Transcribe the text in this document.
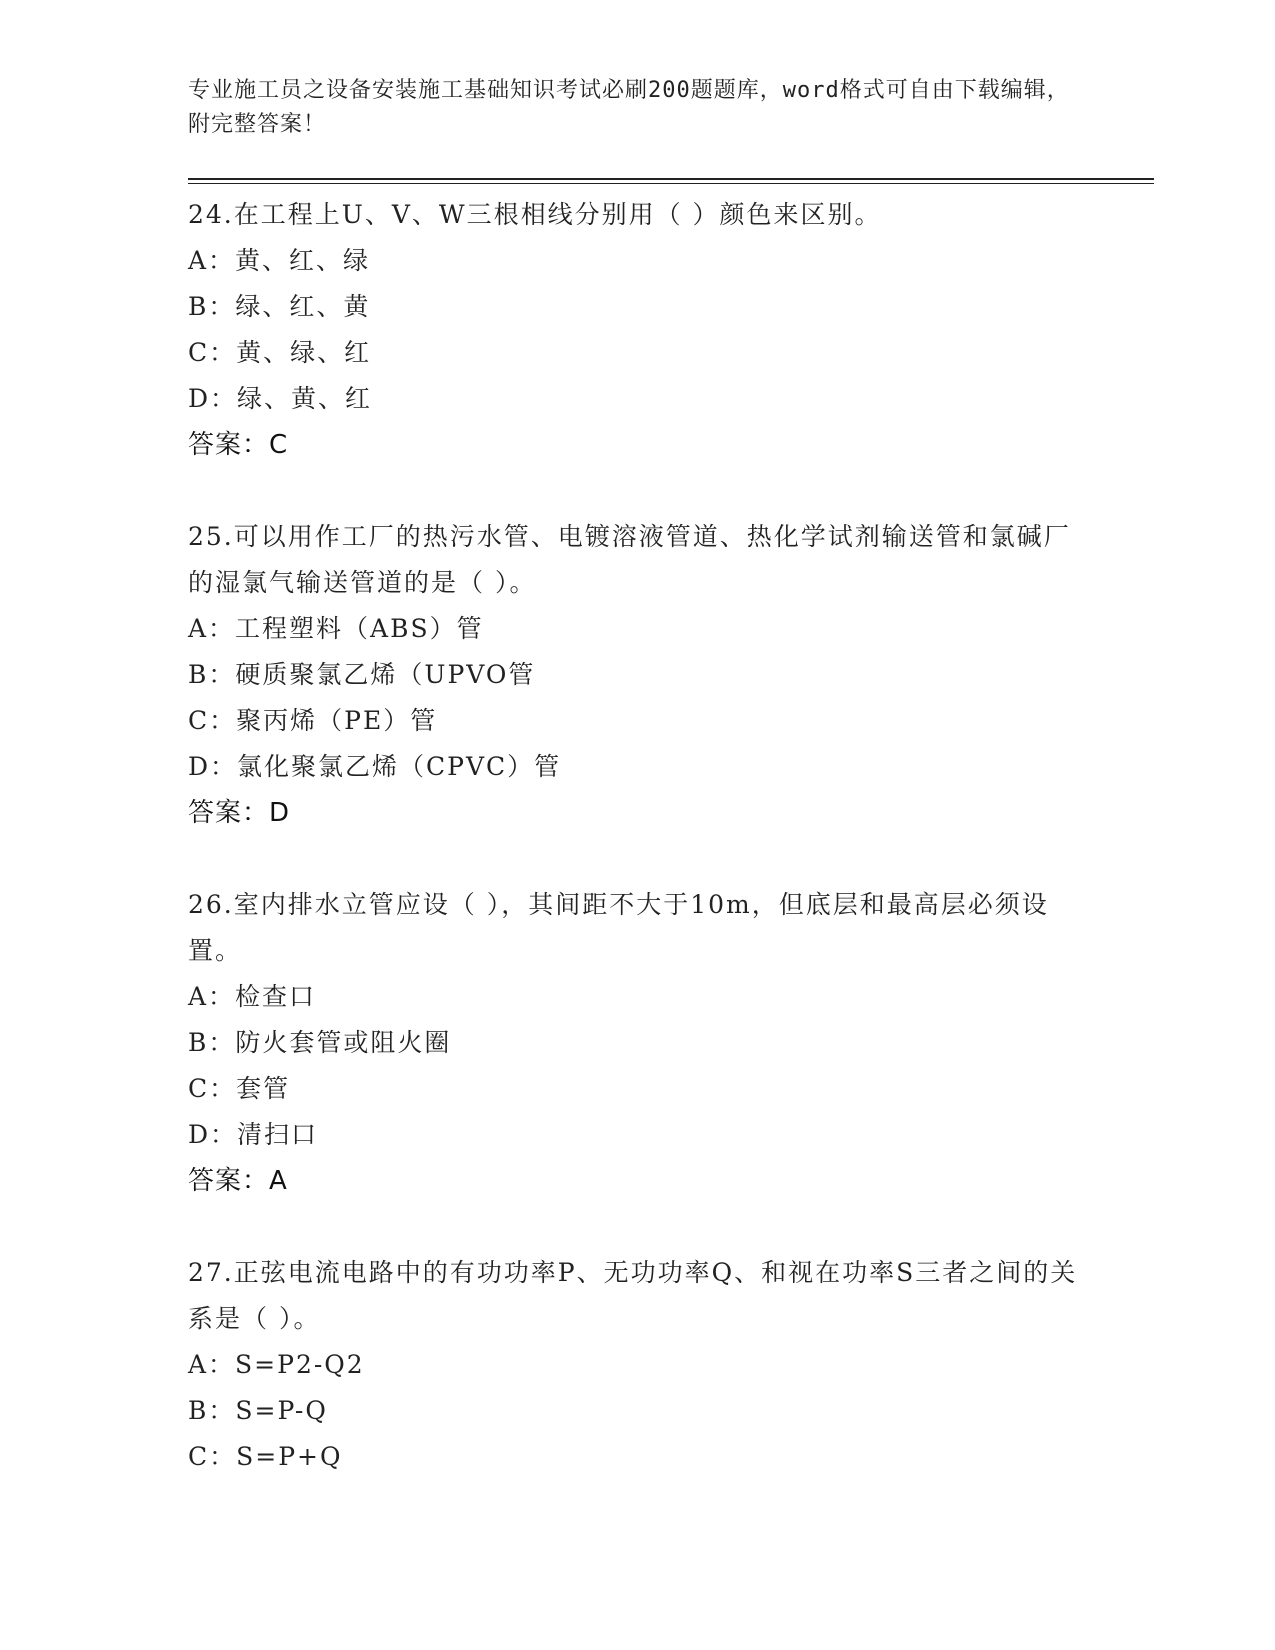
专业施工员之设备安装施工基础知识考试必刷200题题库，word格式可自由下载编辑，附完整答案！
24.在工程上U、V、W三根相线分别用（ ）颜色来区别。
A：黄、红、绿
B：绿、红、黄
C：黄、绿、红
D：绿、黄、红
答案：C
25.可以用作工厂的热污水管、电镀溶液管道、热化学试剂输送管和氯碱厂的湿氯气输送管道的是（ ）。
A：工程塑料（ABS）管
B：硬质聚氯乙烯（UPVO管
C：聚丙烯（PE）管
D：氯化聚氯乙烯（CPVC）管
答案：D
26.室内排水立管应设（ ），其间距不大于10m，但底层和最高层必须设置。
A：检查口
B：防火套管或阻火圈
C：套管
D：清扫口
答案：A
27.正弦电流电路中的有功功率P、无功功率Q、和视在功率S三者之间的关系是（ ）。
A：S=P2-Q2
B：S=P-Q
C：S=P+Q
